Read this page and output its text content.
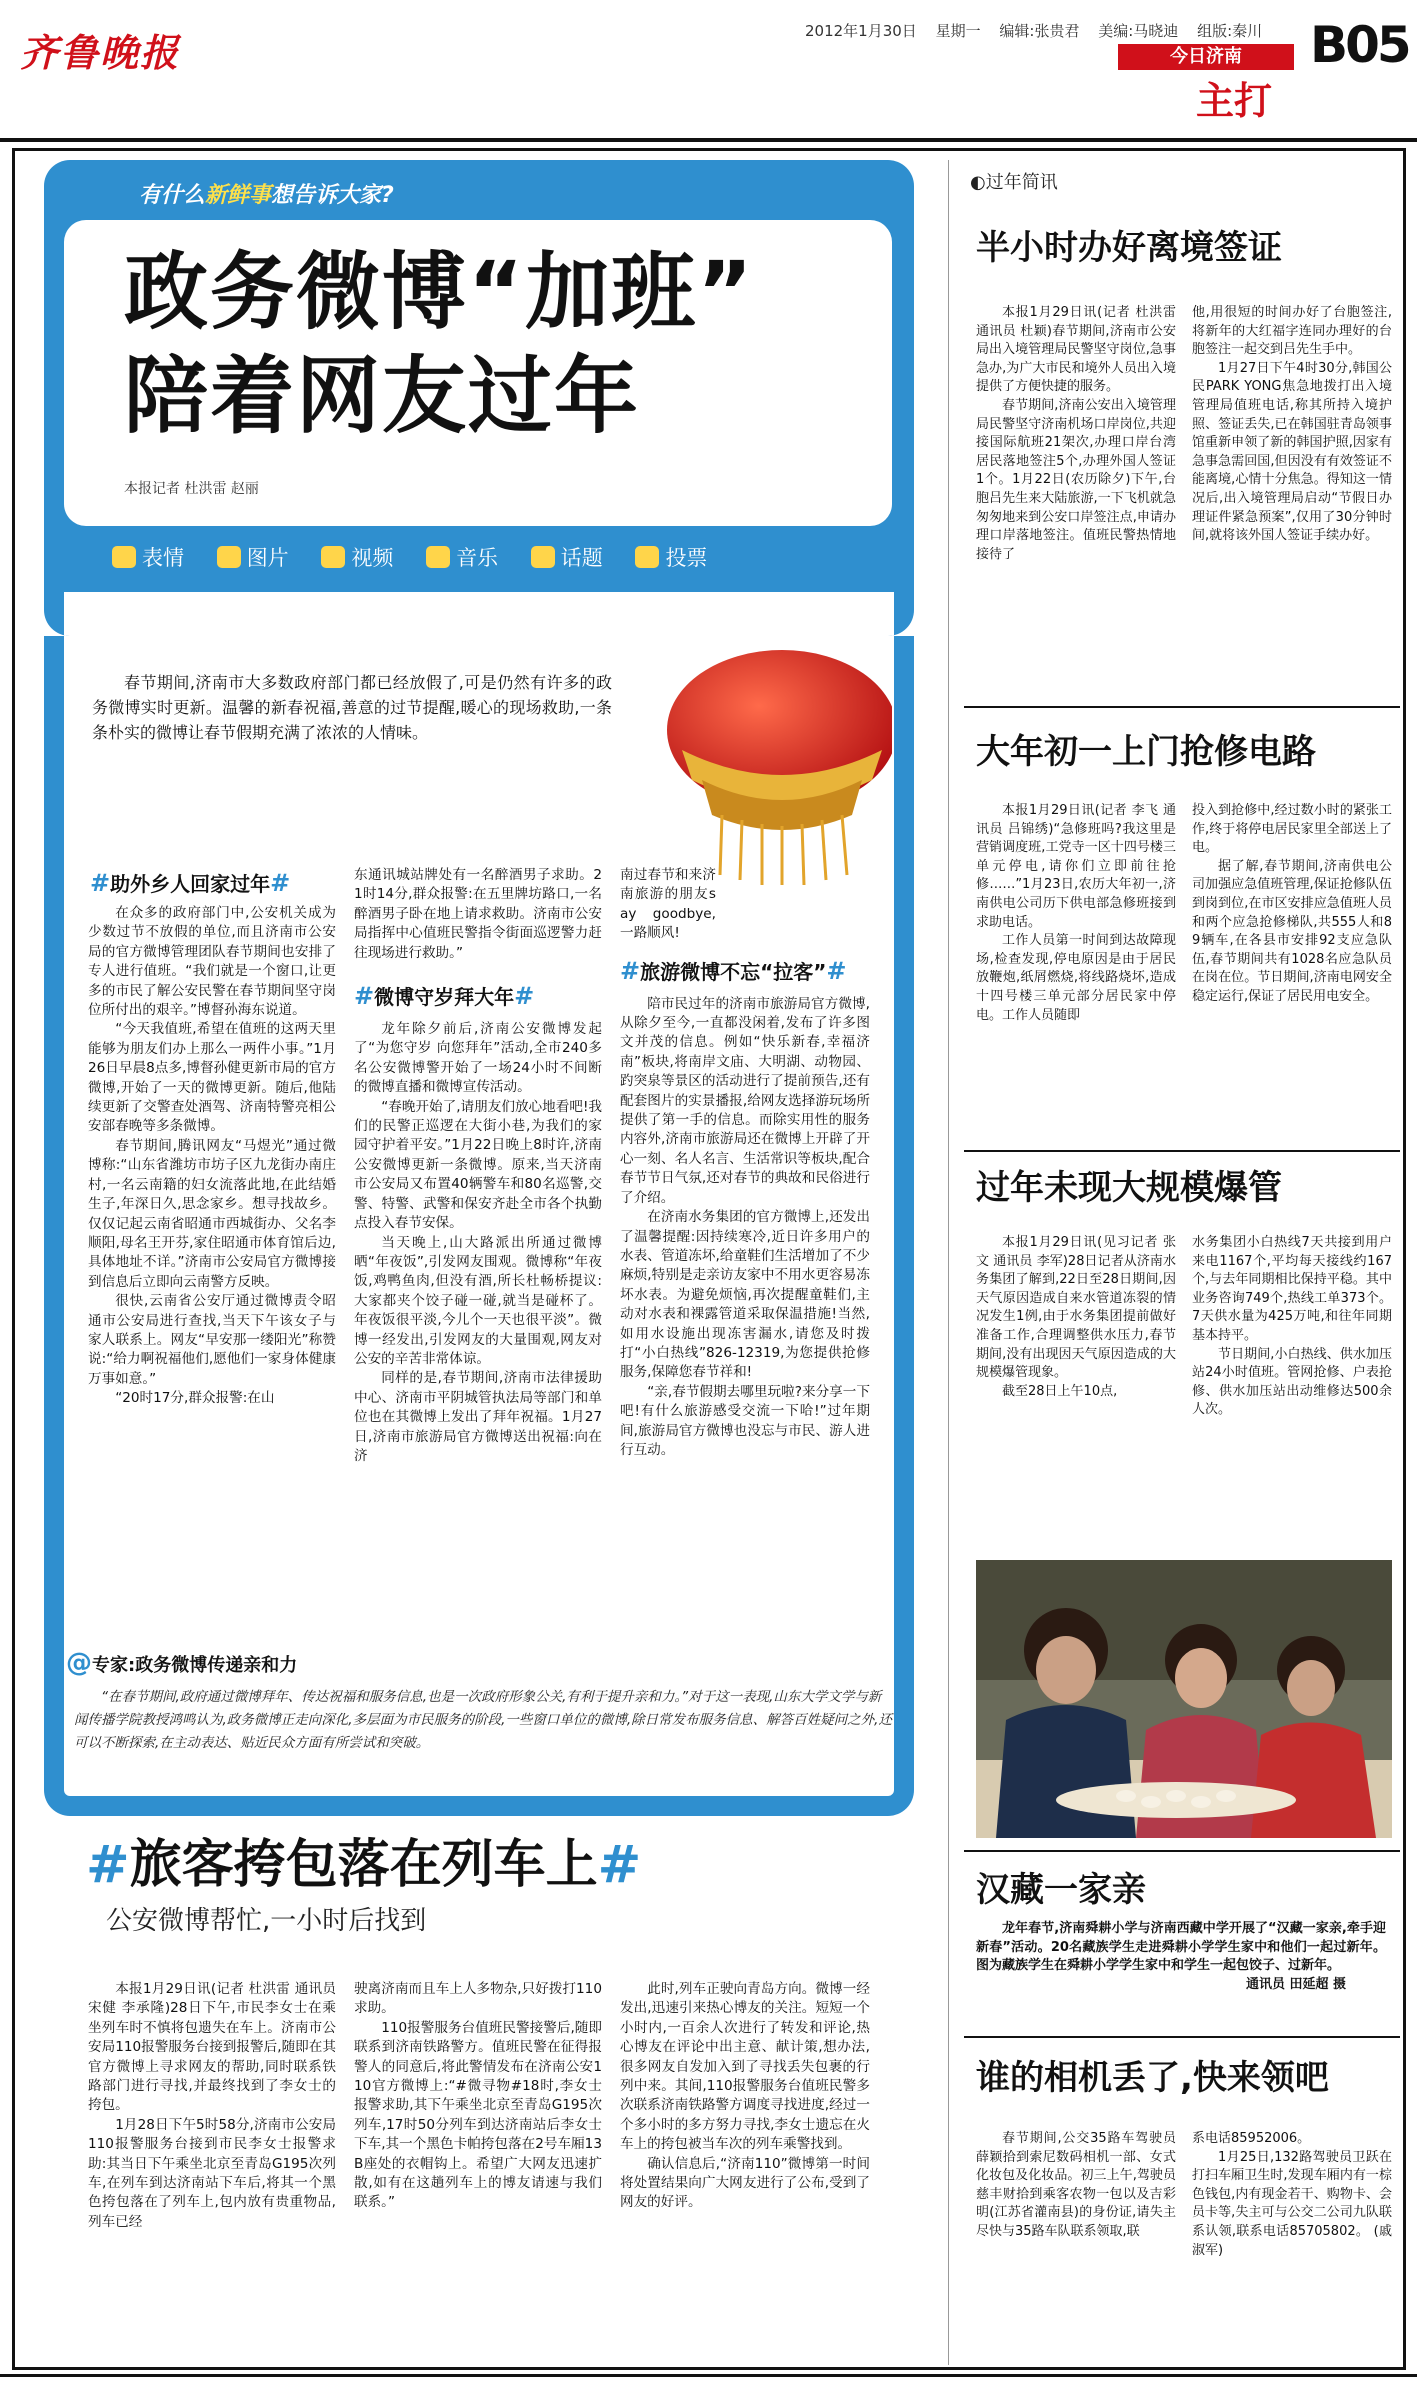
齐鲁晚报	2012年1月30日 星期一 编辑:张贵君 美编:马晓迪 组版:秦川
今日济南
主打
B05
有什么新鲜事想告诉大家?
政务微博“加班”
陪着网友过年
本报记者 杜洪雷 赵丽
表情	图片	视频	音乐	话题	投票
春节期间,济南市大多数政府部门都已经放假了,可是仍然有许多的政务微博实时更新。温馨的新春祝福,善意的过节提醒,暖心的现场救助,一条条朴实的微博让春节假期充满了浓浓的人情味。
#助外乡人回家过年#

在众多的政府部门中,公安机关成为少数过节不放假的单位,而且济南市公安局的官方微博管理团队春节期间也安排了专人进行值班。“我们就是一个窗口,让更多的市民了解公安民警在春节期间坚守岗位所付出的艰辛。”博督孙海东说道。

“今天我值班,希望在值班的这两天里能够为朋友们办上那么一两件小事。”1月26日早晨8点多,博督孙健更新市局的官方微博,开始了一天的微博更新。随后,他陆续更新了交警查处酒驾、济南特警亮相公安部春晚等多条微博。

春节期间,腾讯网友“马煜光”通过微博称:“山东省潍坊市坊子区九龙街办南庄村,一名云南籍的妇女流落此地,在此结婚生子,年深日久,思念家乡。想寻找故乡。仅仅记起云南省昭通市西城街办、父名李顺阳,母名王开芬,家住昭通市体育馆后边,具体地址不详。”济南市公安局官方微博接到信息后立即向云南警方反映。

很快,云南省公安厅通过微博责令昭通市公安局进行查找,当天下午该女子与家人联系上。网友“早安那一缕阳光”称赞说:“给力啊祝福他们,愿他们一家身体健康万事如意。”

“20时17分,群众报警:在山

东通讯城站牌处有一名醉酒男子求助。21时14分,群众报警:在五里牌坊路口,一名醉酒男子卧在地上请求救助。济南市公安局指挥中心值班民警指令街面巡逻警力赶往现场进行救助。”

#微博守岁拜大年#

龙年除夕前后,济南公安微博发起了“为您守岁 向您拜年”活动,全市240多名公安微博警开始了一场24小时不间断的微博直播和微博宣传活动。

“春晚开始了,请朋友们放心地看吧!我们的民警正巡逻在大街小巷,为我们的家园守护着平安。”1月22日晚上8时许,济南公安微博更新一条微博。原来,当天济南市公安局又布置40辆警车和80名巡警,交警、特警、武警和保安齐赴全市各个执勤点投入春节安保。

当天晚上,山大路派出所通过微博晒“年夜饭”,引发网友围观。微博称“年夜饭,鸡鸭鱼肉,但没有酒,所长杜畅桥提议:大家都夹个饺子碰一碰,就当是碰杯了。年夜饭很平淡,今儿个一天也很平淡”。微博一经发出,引发网友的大量围观,网友对公安的辛苦非常体谅。

同样的是,春节期间,济南市法律援助中心、济南市平阴城管执法局等部门和单位也在其微博上发出了拜年祝福。1月27日,济南市旅游局官方微博送出祝福:向在济

南过春节和来济南旅游的朋友say goodbye,一路顺风!

#旅游微博不忘“拉客”#

陪市民过年的济南市旅游局官方微博,从除夕至今,一直都没闲着,发布了许多图文并茂的信息。例如“快乐新春,幸福济南”板块,将南岸文庙、大明湖、动物园、趵突泉等景区的活动进行了提前预告,还有配套图片的实景播报,给网友选择游玩场所提供了第一手的信息。而除实用性的服务内容外,济南市旅游局还在微博上开辟了开心一刻、名人名言、生活常识等板块,配合春节节日气氛,还对春节的典故和民俗进行了介绍。

在济南水务集团的官方微博上,还发出了温馨提醒:因持续寒冷,近日许多用户的水表、管道冻坏,给童鞋们生活增加了不少麻烦,特别是走亲访友家中不用水更容易冻坏水表。为避免烦恼,再次提醒童鞋们,主动对水表和裸露管道采取保温措施!当然,如用水设施出现冻害漏水,请您及时拨打“小白热线”826-12319,为您提供抢修服务,保障您春节祥和!

“亲,春节假期去哪里玩啦?来分享一下吧!有什么旅游感受交流一下哈!”过年期间,旅游局官方微博也没忘与市民、游人进行互动。

@专家:政务微博传递亲和力
“在春节期间,政府通过微博拜年、传达祝福和服务信息,也是一次政府形象公关,有利于提升亲和力。”对于这一表现,山东大学文学与新闻传播学院教授鸿鸣认为,政务微博正走向深化,多层面为市民服务的阶段,一些窗口单位的微博,除日常发布服务信息、解答百姓疑问之外,还可以不断探索,在主动表达、贴近民众方面有所尝试和突破。
#旅客挎包落在列车上#
公安微博帮忙,一小时后找到

本报1月29日讯(记者 杜洪雷 通讯员 宋健 李承隆)28日下午,市民李女士在乘坐列车时不慎将包遗失在车上。济南市公安局110报警服务台接到报警后,随即在其官方微博上寻求网友的帮助,同时联系铁路部门进行寻找,并最终找到了李女士的挎包。

1月28日下午5时58分,济南市公安局110报警服务台接到市民李女士报警求助:其当日下午乘坐北京至青岛G195次列车,在列车到达济南站下车后,将其一个黑色挎包落在了列车上,包内放有贵重物品,列车已经

驶离济南而且车上人多物杂,只好拨打110求助。

110报警服务台值班民警接警后,随即联系到济南铁路警方。值班民警在征得报警人的同意后,将此警情发布在济南公安110官方微博上:“#微寻物#18时,李女士报警求助,其下午乘坐北京至青岛G195次列车,17时50分列车到达济南站后李女士下车,其一个黑色卡帕挎包落在2号车厢13B座处的衣帽钩上。希望广大网友迅速扩散,如有在这趟列车上的博友请速与我们联系。”

此时,列车正驶向青岛方向。微博一经发出,迅速引来热心博友的关注。短短一个小时内,一百余人次进行了转发和评论,热心博友在评论中出主意、献计策,想办法,很多网友自发加入到了寻找丢失包裹的行列中来。其间,110报警服务台值班民警多次联系济南铁路警方调度寻找进度,经过一个多小时的多方努力寻找,李女士遗忘在火车上的挎包被当车次的列车乘警找到。

确认信息后,“济南110”微博第一时间将处置结果向广大网友进行了公布,受到了网友的好评。

◐过年简讯
半小时办好离境签证

本报1月29日讯(记者 杜洪雷 通讯员 杜颖)春节期间,济南市公安局出入境管理局民警坚守岗位,急事急办,为广大市民和境外人员出入境提供了方便快捷的服务。

春节期间,济南公安出入境管理局民警坚守济南机场口岸岗位,共迎接国际航班21架次,办理口岸台湾居民落地签注5个,办理外国人签证1个。1月22日(农历除夕)下午,台胞吕先生来大陆旅游,一下飞机就急匆匆地来到公安口岸签注点,申请办理口岸落地签注。值班民警热情地接待了

他,用很短的时间办好了台胞签注,将新年的大红福字连同办理好的台胞签注一起交到吕先生手中。

1月27日下午4时30分,韩国公民PARK YONG焦急地拨打出入境管理局值班电话,称其所持入境护照、签证丢失,已在韩国驻青岛领事馆重新申领了新的韩国护照,因家有急事急需回国,但因没有有效签证不能离境,心情十分焦急。得知这一情况后,出入境管理局启动“节假日办理证件紧急预案”,仅用了30分钟时间,就将该外国人签证手续办好。

大年初一上门抢修电路

本报1月29日讯(记者 李飞 通讯员 吕锦绣)“急修班吗?我这里是营销调度班,工党寺一区十四号楼三单元停电,请你们立即前往抢修……”1月23日,农历大年初一,济南供电公司历下供电部急修班接到求助电话。

工作人员第一时间到达故障现场,检查发现,停电原因是由于居民放鞭炮,纸屑燃烧,将线路烧坏,造成十四号楼三单元部分居民家中停电。工作人员随即

投入到抢修中,经过数小时的紧张工作,终于将停电居民家里全部送上了电。

据了解,春节期间,济南供电公司加强应急值班管理,保证抢修队伍到岗到位,在市区安排应急值班人员和两个应急抢修梯队,共555人和89辆车,在各县市安排92支应急队伍,春节期间共有1028名应急队员在岗在位。节日期间,济南电网安全稳定运行,保证了居民用电安全。

过年未现大规模爆管

本报1月29日讯(见习记者 张文 通讯员 李军)28日记者从济南水务集团了解到,22日至28日期间,因天气原因造成自来水管道冻裂的情况发生1例,由于水务集团提前做好准备工作,合理调整供水压力,春节期间,没有出现因天气原因造成的大规模爆管现象。

截至28日上午10点,

水务集团小白热线7天共接到用户来电1167个,平均每天接线约167个,与去年同期相比保持平稳。其中业务咨询749个,热线工单373个。7天供水量为425万吨,和往年同期基本持平。

节日期间,小白热线、供水加压站24小时值班。管网抢修、户表抢修、供水加压站出动维修达500余人次。

汉藏一家亲

龙年春节,济南舜耕小学与济南西藏中学开展了“汉藏一家亲,牵手迎新春”活动。20名藏族学生走进舜耕小学学生家中和他们一起过新年。图为藏族学生在舜耕小学学生家中和学生一起包饺子、过新年。

通讯员 田延超 摄
谁的相机丢了,快来领吧

春节期间,公交35路车驾驶员薛颖拾到索尼数码相机一部、女式化妆包及化妆品。初三上午,驾驶员慈丰财拾到乘客农物一包以及吉彩明(江苏省灌南县)的身份证,请失主尽快与35路车队联系领取,联

系电话85952006。

1月25日,132路驾驶员卫跃在打扫车厢卫生时,发现车厢内有一棕色钱包,内有现金若干、购物卡、会员卡等,失主可与公交二公司九队联系认领,联系电话85705802。 (戚淑军)
